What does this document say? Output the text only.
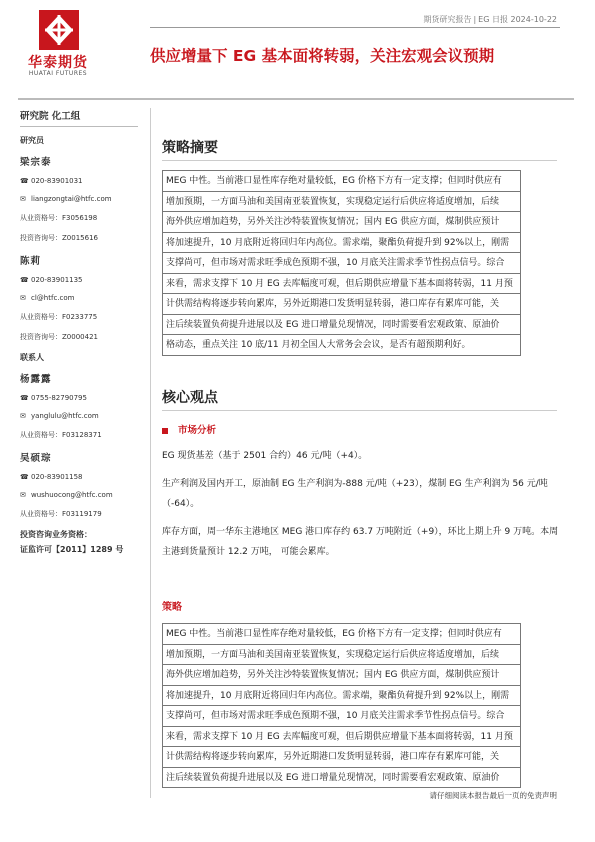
华泰期货
HUATAI FUTURES
期货研究报告 | EG 日报 2024-10-22
供应增量下 EG 基本面将转弱，关注宏观会议预期
研究院 化工组
研究员
梁宗泰
☎ 020-83901031
✉ liangzongtai@htfc.com
从业资格号：F3056198
投资咨询号：Z0015616
陈莉
☎ 020-83901135
✉ cl@htfc.com
从业资格号：F0233775
投资咨询号：Z0000421
联系人
杨露露
☎ 0755-82790795
✉ yanglulu@htfc.com
从业资格号：F03128371
吴硕琮
☎ 020-83901158
✉ wushuocong@htfc.com
从业资格号：F03119179
投资咨询业务资格：
证监许可【2011】1289 号
策略摘要
MEG 中性。当前港口显性库存绝对量较低，EG 价格下方有一定支撑；但同时供应有
增加预期，一方面马油和美国南亚装置恢复，实现稳定运行后供应将适度增加，后续
海外供应增加趋势，另外关注沙特装置恢复情况；国内 EG 供应方面，煤制供应预计
将加速提升，10 月底附近将回归年内高位。需求端，聚酯负荷提升到 92%以上，刚需
支撑尚可，但市场对需求旺季成色预期不强，10 月底关注需求季节性拐点信号。综合
来看，需求支撑下 10 月 EG 去库幅度可观，但后期供应增量下基本面将转弱，11 月预
计供需结构将逐步转向累库，另外近期港口发货明显转弱，港口库存有累库可能，关
注后续装置负荷提升进展以及 EG 进口增量兑现情况，同时需要看宏观政策、原油价
格动态，重点关注 10 底/11 月初全国人大常务会会议，是否有超预期利好。
核心观点
市场分析
EG 现货基差（基于 2501 合约）46 元/吨（+4）。
生产利润及国内开工，原油制 EG 生产利润为-888 元/吨（+23），煤制 EG 生产利润为 56 元/吨（-64）。
库存方面，周一华东主港地区 MEG 港口库存约 63.7 万吨附近（+9），环比上期上升 9 万吨。本周主港到货量预计 12.2 万吨， 可能会累库。
策略
MEG 中性。当前港口显性库存绝对量较低，EG 价格下方有一定支撑；但同时供应有
增加预期，一方面马油和美国南亚装置恢复，实现稳定运行后供应将适度增加，后续
海外供应增加趋势，另外关注沙特装置恢复情况；国内 EG 供应方面，煤制供应预计
将加速提升，10 月底附近将回归年内高位。需求端，聚酯负荷提升到 92%以上，刚需
支撑尚可，但市场对需求旺季成色预期不强，10 月底关注需求季节性拐点信号。综合
来看，需求支撑下 10 月 EG 去库幅度可观，但后期供应增量下基本面将转弱，11 月预
计供需结构将逐步转向累库，另外近期港口发货明显转弱，港口库存有累库可能，关
注后续装置负荷提升进展以及 EG 进口增量兑现情况，同时需要看宏观政策、原油价
请仔细阅读本报告最后一页的免责声明
